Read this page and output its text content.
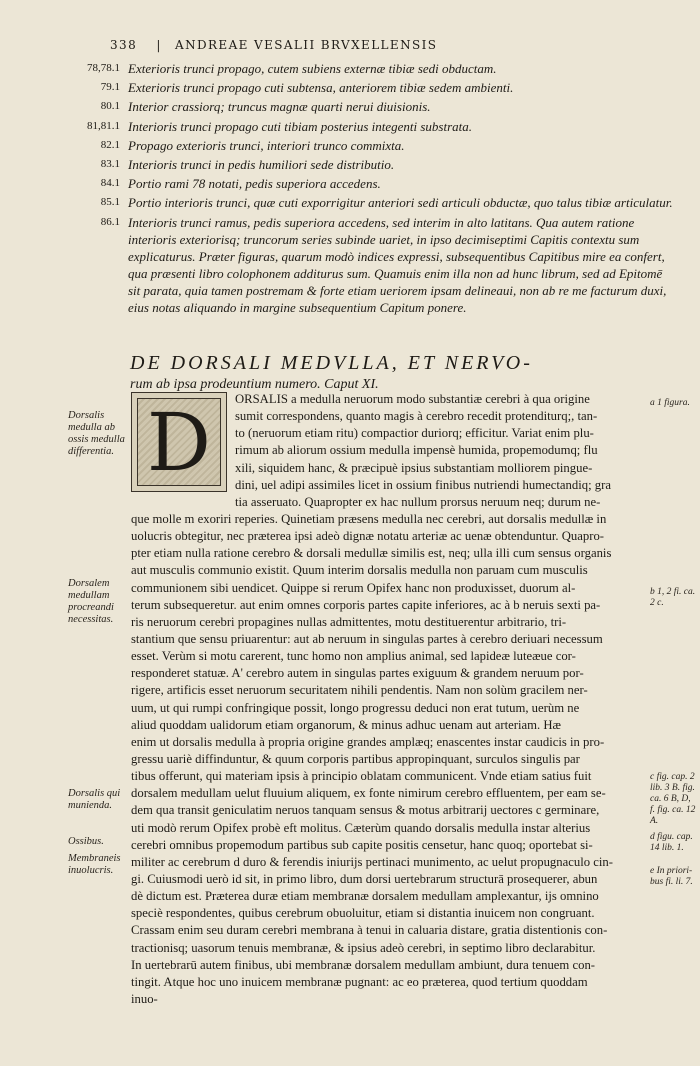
338 | ANDREAE VESALII BRVXELLENSIS
78,78.1 Exterioris trunci propago, cutem subiens externæ tibiæ sedi obductam.
79.1 Exterioris trunci propago cuti subtensa, anteriorem tibiæ sedem ambienti.
80.1 Interior crassiorq; truncus magnæ quarti nerui diuisionis.
81,81.1 Interioris trunci propago cuti tibiam posterius integenti substrata.
82.1 Propago exterioris trunci, interiori trunco commixta.
83.1 Interioris trunci in pedis humiliori sede distributio.
84.1 Portio rami 78 notati, pedis superiora accedens.
85.1 Portio interioris trunci, quæ cuti exporrigitur anteriori sedi articuli obductæ, quo talus tibiæ articulatur.
86.1 Interioris trunci ramus, pedis superiora accedens, sed interim in alto latitans. Qua autem ratione interioris exteriorisq; truncorum series subinde uariet, in ipso decimiseptimi Capitis contextu sum explicaturus. Præter figuras, quarum modò indices expressi, subsequentibus Capitibus mire ea confert, qua præsenti libro colophonem additurus sum. Quamuis enim illa non ad hunc librum, sed ad Epitomē sit parata, quia tamen postremam & forte etiam ueriorem ipsam delineaui, non ab re me facturum duxi, eius notas aliquando in margine subsequentium Capitum ponere.
DE DORSALI MEDVLLA, ET NERVO-
rum ab ipsa prodeuntium numero. Caput XI.
D
Dorsalis medulla ab ossis medulla differentia.
Dorsalem medullam procreandi necessitas.
Dorsalis qui munienda.
Ossibus.
Membraneis inuolucris.
a 1 figura.
b 1, 2 fi. ca. 2 c.
c fig. cap. 2 lib. 3 B. fig. ca. 6 B, D, f. fig. ca. 12 A.
d figu. cap. 14 lib. 1.
e In priori-bus fi. li. 7.
ORSALIS a medulla neruorum modo substantiæ cerebri à qua origine
sumit correspondens, quanto magis à cerebro recedit protenditurq;, tan-
to (neruorum etiam ritu) compactior duriorq; efficitur. Variat enim plu-
rimum ab aliorum ossium medulla impensè humida, propemodumq; flu
xili, siquidem hanc, & præcipuè ipsius substantiam molliorem pingue-
dini, uel adipi assimiles licet in ossium finibus nutriendi humectandiq; gra
tia asseruato. Quapropter ex hac nullum prorsus neruum neq; durum ne-
que molle m exoriri reperies. Quinetiam præsens medulla nec cerebri, aut dorsalis medullæ in
uolucris obtegitur, nec præterea ipsi adeò dignæ notatu arteriæ ac uenæ obtenduntur. Quapro-
pter etiam nulla ratione cerebro & dorsali medullæ similis est, neq; ulla illi cum sensus organis
aut musculis communio existit. Quum interim dorsalis medulla non paruam cum musculis
communionem sibi uendicet. Quippe si rerum Opifex hanc non produxisset, duorum al-
terum subsequeretur. aut enim omnes corporis partes capite inferiores, ac à b neruis sexti pa-
ris neruorum cerebri propagines nullas admittentes, motu destituerentur arbitrario, tri-
stantium que sensu priuarentur: aut ab neruum in singulas partes à cerebro deriuari necessum
esset. Verùm si motu carerent, tunc homo non amplius animal, sed lapideæ luteæue cor-
responderet statuæ. A' cerebro autem in singulas partes exiguum & grandem neruum por-
rigere, artificis esset neruorum securitatem nihili pendentis. Nam non solùm gracilem ner-
uum, ut qui rumpi confringique possit, longo progressu deduci non erat tutum, uerùm ne
aliud quoddam ualidorum etiam organorum, & minus adhuc uenam aut arteriam. Hæ
enim ut dorsalis medulla à propria origine grandes amplæq; enascentes instar caudicis in pro-
gressu uariè diffinduntur, & quum corporis partibus appropinquant, surculos singulis par
tibus offerunt, qui materiam ipsis à principio oblatam communicent. Vnde etiam satius fuit
dorsalem medullam uelut fluuium aliquem, ex fonte nimirum cerebro effluentem, per eam se-
dem qua transit geniculatim neruos tanquam sensus & motus arbitrarij uectores c germinare,
uti modò rerum Opifex probè eft molitus. Cæterùm quando dorsalis medulla instar alterius
cerebri omnibus propemodum partibus sub capite positis censetur, hanc quoq; oportebat si-
militer ac cerebrum d duro & ferendis iniurijs pertinaci munimento, ac uelut propugnaculo cin-
gi. Cuiusmodi uerò id sit, in primo libro, dum dorsi uertebrarum structurā prosequerer, abun
dè dictum est. Præterea duræ etiam membranæ dorsalem medullam amplexantur, ijs omnino
speciè respondentes, quibus cerebrum obuoluitur, etiam si distantia inuicem non congruant.
Crassam enim seu duram cerebri membrana à tenui in caluaria distare, gratia distentionis con-
tractionisq; uasorum tenuis membranæ, & ipsius adeò cerebri, in septimo libro declarabitur.
In uertebrarū autem finibus, ubi membranæ dorsalem medullam ambiunt, dura tenuem con-
tingit. Atque hoc uno inuicem membranæ pugnant: ac eo præterea, quod tertium quoddam
inuo-
